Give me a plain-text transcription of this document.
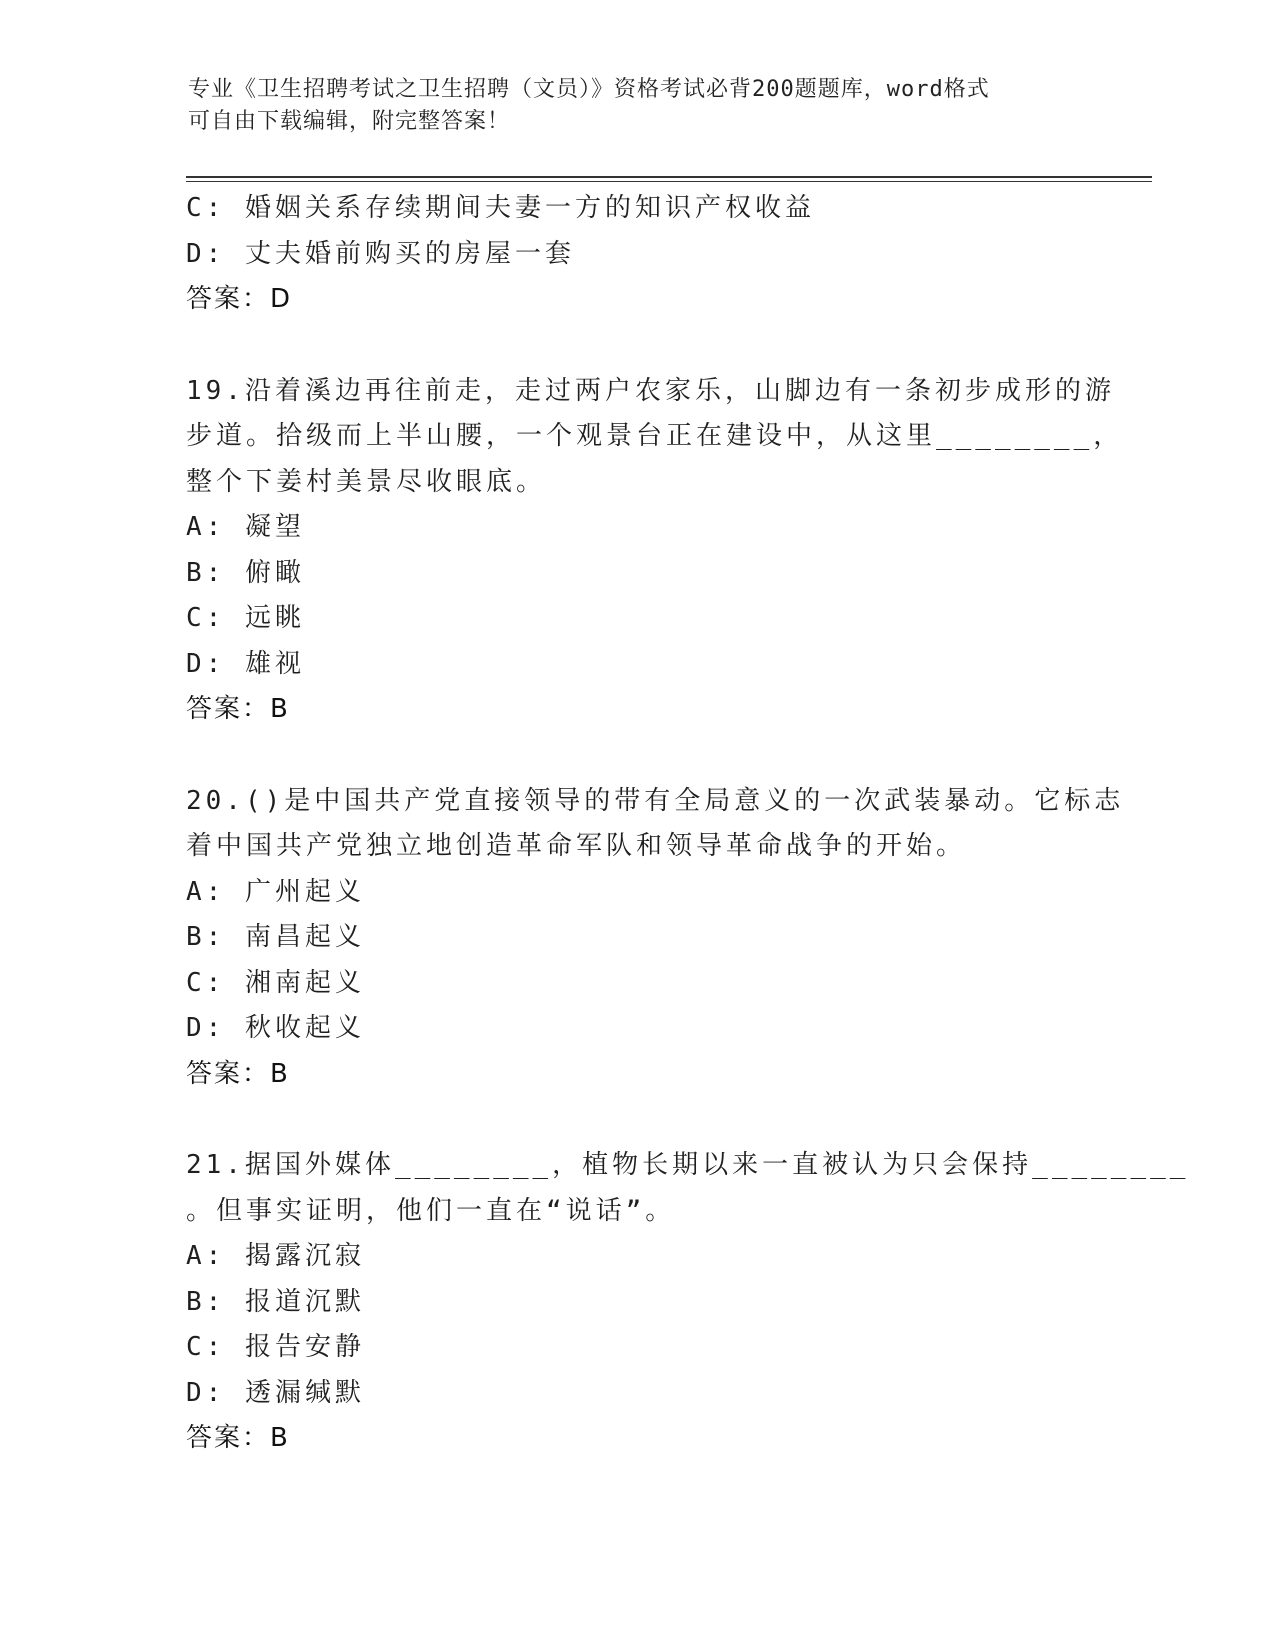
专业《卫生招聘考试之卫生招聘（文员）》资格考试必背200题题库，word格式
可自由下载编辑，附完整答案！
C: 婚姻关系存续期间夫妻一方的知识产权收益
D: 丈夫婚前购买的房屋一套
答案：D
19.沿着溪边再往前走，走过两户农家乐，山脚边有一条初步成形的游
步道。拾级而上半山腰，一个观景台正在建设中，从这里________，
整个下姜村美景尽收眼底。
A: 凝望
B: 俯瞰
C: 远眺
D: 雄视
答案：B
20.()是中国共产党直接领导的带有全局意义的一次武装暴动。它标志
着中国共产党独立地创造革命军队和领导革命战争的开始。
A: 广州起义
B: 南昌起义
C: 湘南起义
D: 秋收起义
答案：B
21.据国外媒体________，植物长期以来一直被认为只会保持________
。但事实证明，他们一直在“说话”。
A: 揭露沉寂
B: 报道沉默
C: 报告安静
D: 透漏缄默
答案：B
